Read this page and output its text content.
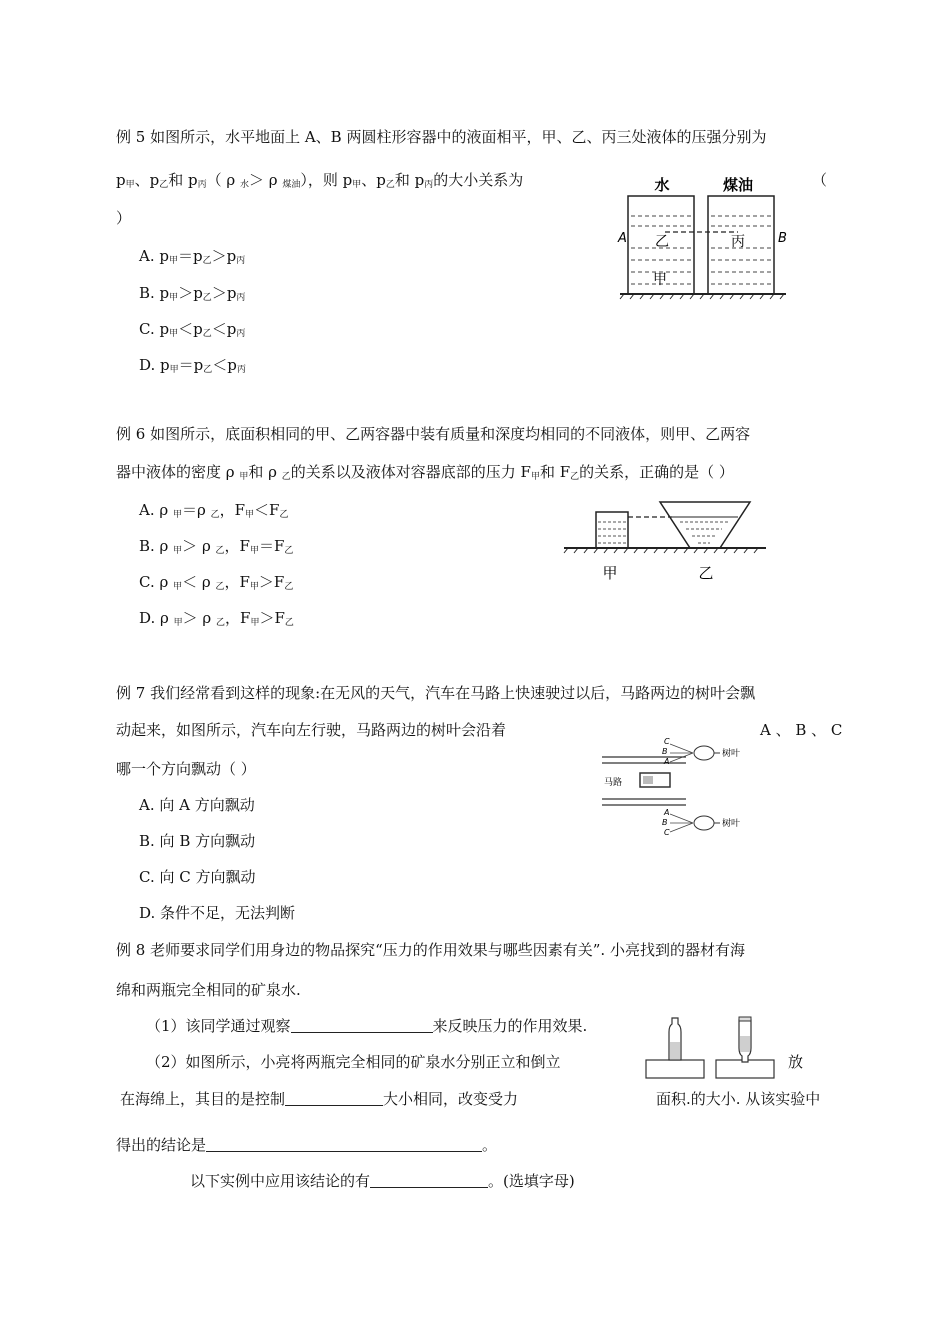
例 5 如图所示，水平地面上 A、B 两圆柱形容器中的液面相平，甲、乙、丙三处液体的压强分别为
$p_甲$、$p_乙$和 $p_丙$（ ρ $_水$＞ ρ $_{煤油}$），则 $p_甲$、$p_乙$和 $p_丙$的大小关系为	（
）
A. $p_甲=p_乙>p_丙$
B. $p_甲>p_乙>p_丙$
C. $p_甲<p_乙<p_丙$
D. $p_甲=p_乙<p_丙$
水	煤油
A	B
乙	丙
甲
例 6 如图所示，底面积相同的甲、乙两容器中装有质量和深度均相同的不同液体，则甲、乙两容
器中液体的密度 ρ $_甲$和 ρ $_乙$的关系以及液体对容器底部的压力 $F_甲$和 $F_乙$的关系，正确的是（ ）
A. ρ $_甲$＝ρ $_乙$，$F_甲<F_乙$
B. ρ $_甲$＞ ρ $_乙$，$F_甲=F_乙$
C. ρ $_甲$＜ ρ $_乙$，$F_甲>F_乙$
D. ρ $_甲$＞ ρ $_乙$，$F_甲>F_乙$
甲	乙
例 7 我们经常看到这样的现象:在无风的天气，汽车在马路上快速驶过以后，马路两边的树叶会飘
动起来，如图所示，汽车向左行驶，马路两边的树叶会沿着	A 、 B 、 C
哪一个方向飘动（ ）
A. 向 A 方向飘动
B. 向 B 方向飘动
C. 向 C 方向飘动
D. 条件不足，无法判断
马路
C
B
A
A
B
C
树叶
树叶
例 8 老师要求同学们用身边的物品探究“压力的作用效果与哪些因素有关”. 小亮找到的器材有海
绵和两瓶完全相同的矿泉水.
（1）该同学通过观察	来反映压力的作用效果.
（2）如图所示，小亮将两瓶完全相同的矿泉水分别正立和倒立	放
在海绵上，其目的是控制	大小相同，改变受力	面积.的大小. 从该实验中
得出的结论是	。
以下实例中应用该结论的有	。(选填字母)
